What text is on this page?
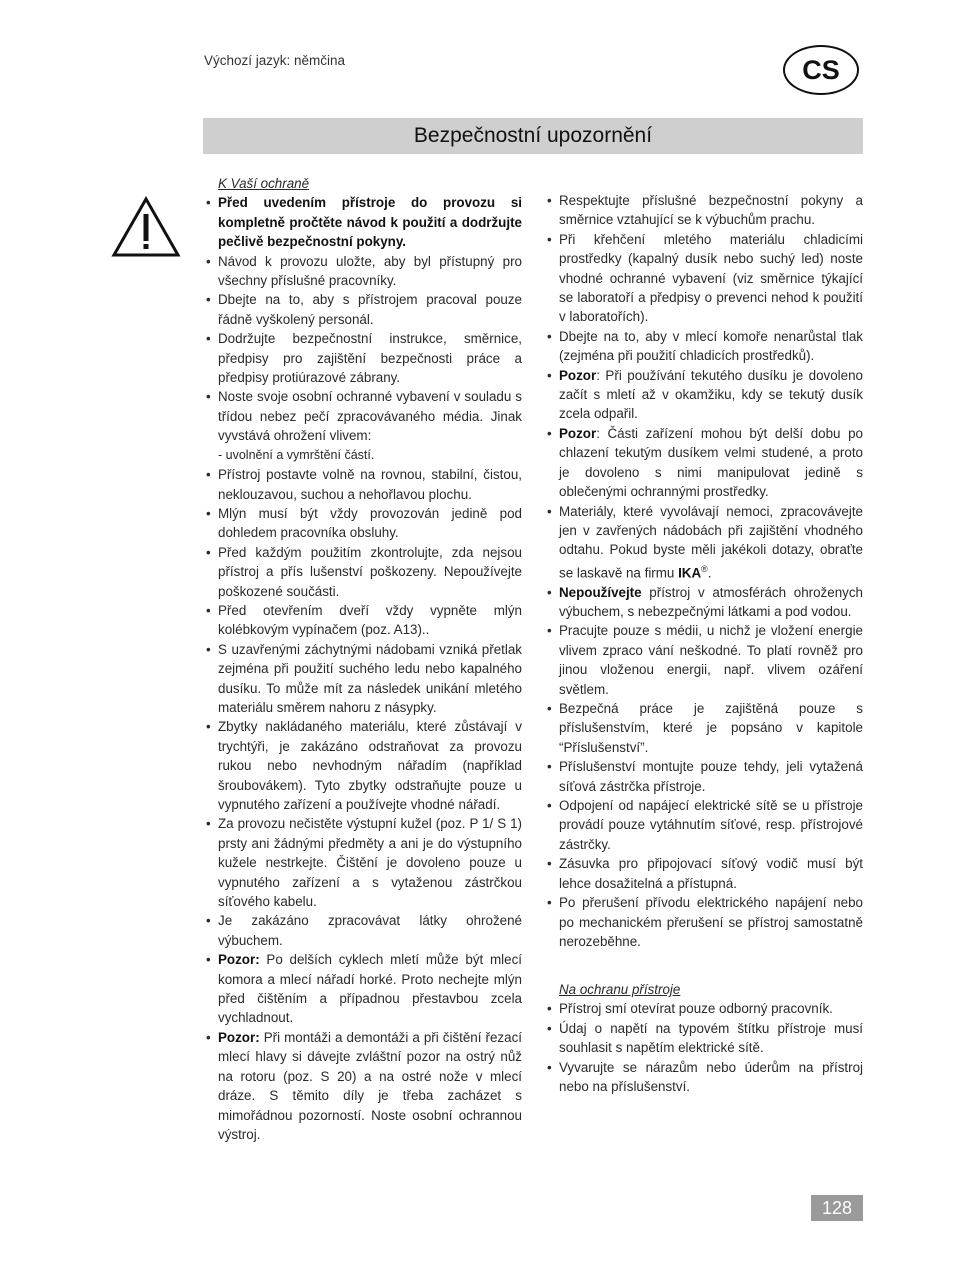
Výchozí jazyk: němčina	CS
Bezpečnostní upozornění

K Vaší ochraně

• Před uvedením přístroje do provozu si kompletně pročtěte návod k použití a dodržujte pečlivě bezpečnostní pokyny.
• Návod k provozu uložte, aby byl přístupný pro všechny příslušné pracovníky.
• Dbejte na to, aby s přístrojem pracoval pouze řádně vyškolený personál.
• Dodržujte bezpečnostní instrukce, směrnice, předpisy pro zajištění bezpečnosti práce a předpisy protiúrazové zábrany.
• Noste svoje osobní ochranné vybavení v souladu s třídou nebez pečí zpracovávaného média. Jinak vyvstává ohrožení vlivem:
- uvolnění a vymrštění částí.
• Přístroj postavte volně na rovnou, stabilní, čistou, neklouzavou, suchou a nehořlavou plochu.
• Mlýn musí být vždy provozován jedině pod dohledem pracovníka obsluhy.
• Před každým použitím zkontrolujte, zda nejsou přístroj a přís lušenství poškozeny. Nepoužívejte poškozené součásti.
• Před otevřením dveří vždy vypněte mlýn kolébkovým vypínačem (poz. A13)..
• S uzavřenými záchytnými nádobami vzniká přetlak zejména při použití suchého ledu nebo kapalného dusíku. To může mít za následek unikání mletého materiálu směrem nahoru z násypky.
• Zbytky nakládaného materiálu, které zůstávají v trychtýři, je zakázáno odstraňovat za provozu rukou nebo nevhodným nářadím (například šroubovákem). Tyto zbytky odstraňujte pouze u vypnutého zařízení a používejte vhodné nářadí.
• Za provozu nečistěte výstupní kužel (poz. P 1/ S 1) prsty ani žádnými předměty a ani je do výstupního kužele nestrkejte. Čištění je dovoleno pouze u vypnutého zařízení a s vytaženou zástrčkou síťového kabelu.
• Je zakázáno zpracovávat látky ohrožené výbuchem.
• Pozor: Po delších cyklech mletí může být mlecí komora a mlecí nářadí horké. Proto nechejte mlýn před čištěním a případnou přestavbou zcela vychladnout.
• Pozor: Při montáži a demontáži a při čištění řezací mlecí hlavy si dávejte zvláštní pozor na ostrý nůž na rotoru (poz. S 20) a na ostré nože v mlecí dráze. S těmito díly je třeba zacházet s mimořádnou pozorností. Noste osobní ochrannou výstroj.
• Respektujte příslušné bezpečnostní pokyny a směrnice vztahující se k výbuchům prachu.
• Při křehčení mletého materiálu chladicími prostředky (kapalný dusík nebo suchý led) noste vhodné ochranné vybavení (viz směrnice týkající se laboratoří a předpisy o prevenci nehod k použití v laboratořích).
• Dbejte na to, aby v mlecí komoře nenarůstal tlak (zejména při použití chladicích prostředků).
• Pozor: Při používání tekutého dusíku je dovoleno začít s mletí až v okamžiku, kdy se tekutý dusík zcela odpařil.
• Pozor: Části zařízení mohou být delší dobu po chlazení tekutým dusíkem velmi studené, a proto je dovoleno s nimi manipulovat jedině s oblečenými ochrannými prostředky.
• Materiály, které vyvolávají nemoci, zpracovávejte jen v zavřených nádobách při zajištění vhodného odtahu. Pokud byste měli jakékoli dotazy, obraťte se laskavě na firmu IKA®.
• Nepoužívejte přístroj v atmosférách ohroženych výbuchem, s nebezpečnými látkami a pod vodou.
• Pracujte pouze s médii, u nichž je vložení energie vlivem zpraco vání neškodné. To platí rovněž pro jinou vloženou energii, např. vlivem ozáření světlem.
• Bezpečná práce je zajištěná pouze s příslušenstvím, které je popsáno v kapitole “Příslušenství”.
• Příslušenství montujte pouze tehdy, jeli vytažená síťová zástrčka přístroje.
• Odpojení od napájecí elektrické sítě se u přístroje provádí pouze vytáhnutím síťové, resp. přístrojové zástrčky.
• Zásuvka pro připojovací síťový vodič musí být lehce dosažitelná a přístupná.
• Po přerušení přívodu elektrického napájení nebo po mechanickém přerušení se přístroj samostatně nerozeběhne.

Na ochranu přístroje

• Přístroj smí otevírat pouze odborný pracovník.
• Údaj o napětí na typovém štítku přístroje musí souhlasit s napětím elektrické sítě.
• Vyvarujte se nárazům nebo úderům na přístroj nebo na příslušenství.
128
